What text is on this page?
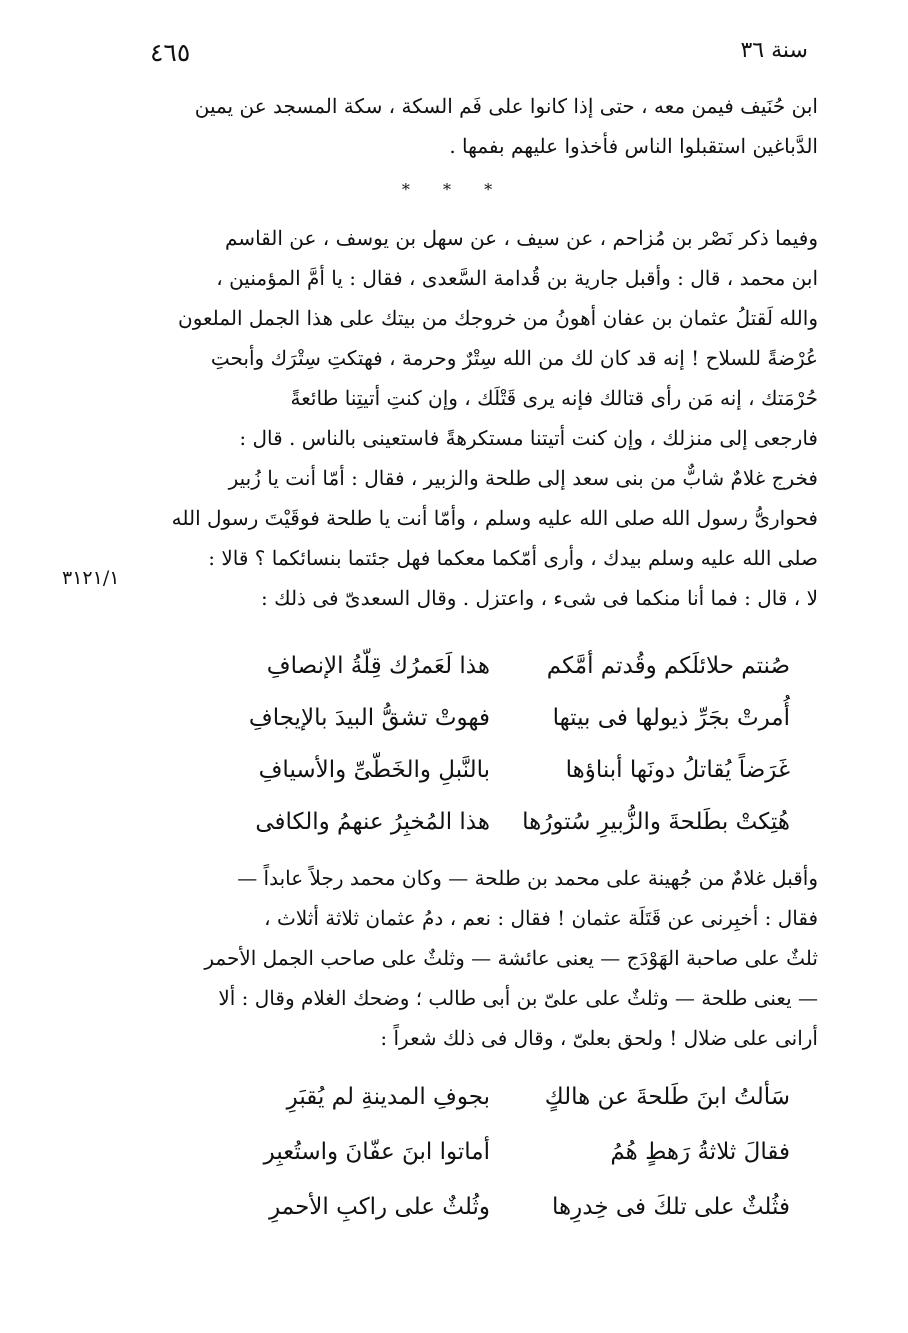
٤٦٥	سنة ٣٦
ابن حُنَيف فيمن معه ، حتى إذا كانوا على فَم السكة ، سكة المسجد عن يمين
الدَّباغين استقبلوا الناس فأخذوا عليهم بفمها .
* * *
وفيما ذكر نَصْر بن مُزاحم ، عن سيف ، عن سهل بن يوسف ، عن القاسم
ابن محمد ، قال : وأقبل جارية بن قُدامة السَّعدى ، فقال : يا أمَّ المؤمنين ،
والله لَقتلُ عثمان بن عفان أهونُ من خروجك من بيتك على هذا الجمل الملعون
عُرْضةً للسلاح ! إنه قد كان لك من الله سِتْرٌ وحرمة ، فهتكتِ سِتْرَك وأبحتِ
حُرْمَتك ، إنه مَن رأى قتالك فإنه يرى قَتْلَك ، وإن كنتِ أتيتِنا طائعةً
فارجعى إلى منزلك ، وإن كنت أتيتنا مستكرهةً فاستعينى بالناس . قال :
فخرج غلامٌ شابٌّ من بنى سعد إلى طلحة والزبير ، فقال : أمّا أنت يا زُبير
فحوارىُّ رسول الله صلى الله عليه وسلم ، وأمّا أنت يا طلحة فوقَيْتَ رسول الله
صلى الله عليه وسلم بيدك ، وأرى أمّكما معكما فهل جئتما بنسائكما ؟ قالا :
لا ، قال : فما أنا منكما فى شىء ، واعتزل . وقال السعدىّ فى ذلك :
٣١٢١/١
صُنتم حلائلَكم وقُدتم أمَّكم
هذا لَعَمرُك قِلّةُ الإنصافِ
أُمرتْ بجَرِّ ذيولها فى بيتها
فهوتْ تشقُّ البيدَ بالإيجافِ
غَرَضاً يُقاتلُ دونَها أبناؤها
بالنَّبلِ والخَطّىِّ والأسيافِ
هُتِكتْ بطَلحةَ والزُّبيرِ سُتورُها
هذا المُخبِرُ عنهمُ والكافى
وأقبل غلامٌ من جُهينة على محمد بن طلحة — وكان محمد رجلاً عابداً —
فقال : أخبِرنى عن قَتَلَة عثمان ! فقال : نعم ، دمُ عثمان ثلاثة أثلاث ،
ثلثٌ على صاحبة الهَوْدَج — يعنى عائشة — وثلثٌ على صاحب الجمل الأحمر
— يعنى طلحة — وثلثٌ على علىّ بن أبى طالب ؛ وضحك الغلام وقال : ألا
أرانى على ضلال ! ولحق بعلىّ ، وقال فى ذلك شعراً :
سَألتُ ابنَ طَلحةَ عن هالكٍ
بجوفِ المدينةِ لم يُقبَرِ
فقالَ ثلاثةُ رَهطٍ هُمُ
أماتوا ابنَ عفّانَ واستُعبِر
فثُلثٌ على تلكَ فى خِدرِها
وثُلثٌ على راكبِ الأحمرِ
